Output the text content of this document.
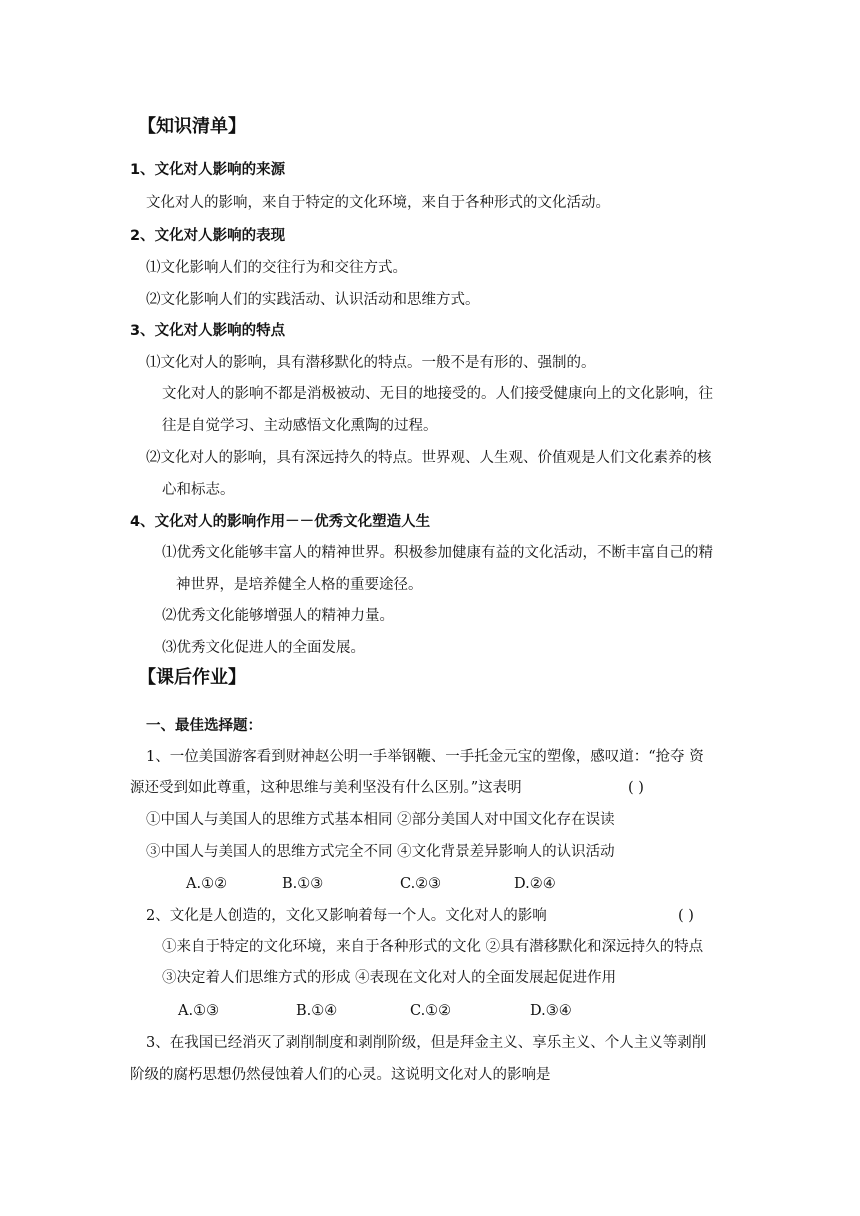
【知识清单】
1、文化对人影响的来源
文化对人的影响，来自于特定的文化环境，来自于各种形式的文化活动。
2、文化对人影响的表现
⑴文化影响人们的交往行为和交往方式。
⑵文化影响人们的实践活动、认识活动和思维方式。
3、文化对人影响的特点
⑴文化对人的影响，具有潜移默化的特点。一般不是有形的、强制的。
文化对人的影响不都是消极被动、无目的地接受的。人们接受健康向上的文化影响，往
往是自觉学习、主动感悟文化熏陶的过程。
⑵文化对人的影响，具有深远持久的特点。世界观、人生观、价值观是人们文化素养的核
心和标志。
4、文化对人的影响作用－－优秀文化塑造人生
⑴优秀文化能够丰富人的精神世界。积极参加健康有益的文化活动，不断丰富自己的精
神世界，是培养健全人格的重要途径。
⑵优秀文化能够增强人的精神力量。
⑶优秀文化促进人的全面发展。
【课后作业】
一、最佳选择题：
1、一位美国游客看到财神赵公明一手举钢鞭、一手托金元宝的塑像，感叹道：“抢夺 资
源还受到如此尊重，这种思维与美利坚没有什么区别。”这表明	( )
①中国人与美国人的思维方式基本相同 ②部分美国人对中国文化存在误读
③中国人与美国人的思维方式完全不同 ④文化背景差异影响人的认识活动
A.①②	B.①③	C.②③	D.②④
2、文化是人创造的，文化又影响着每一个人。文化对人的影响	( )
①来自于特定的文化环境，来自于各种形式的文化 ②具有潜移默化和深远持久的特点
③决定着人们思维方式的形成 ④表现在文化对人的全面发展起促进作用
A.①③	B.①④	C.①②	D.③④
3、在我国已经消灭了剥削制度和剥削阶级，但是拜金主义、享乐主义、个人主义等剥削
阶级的腐朽思想仍然侵蚀着人们的心灵。这说明文化对人的影响是
